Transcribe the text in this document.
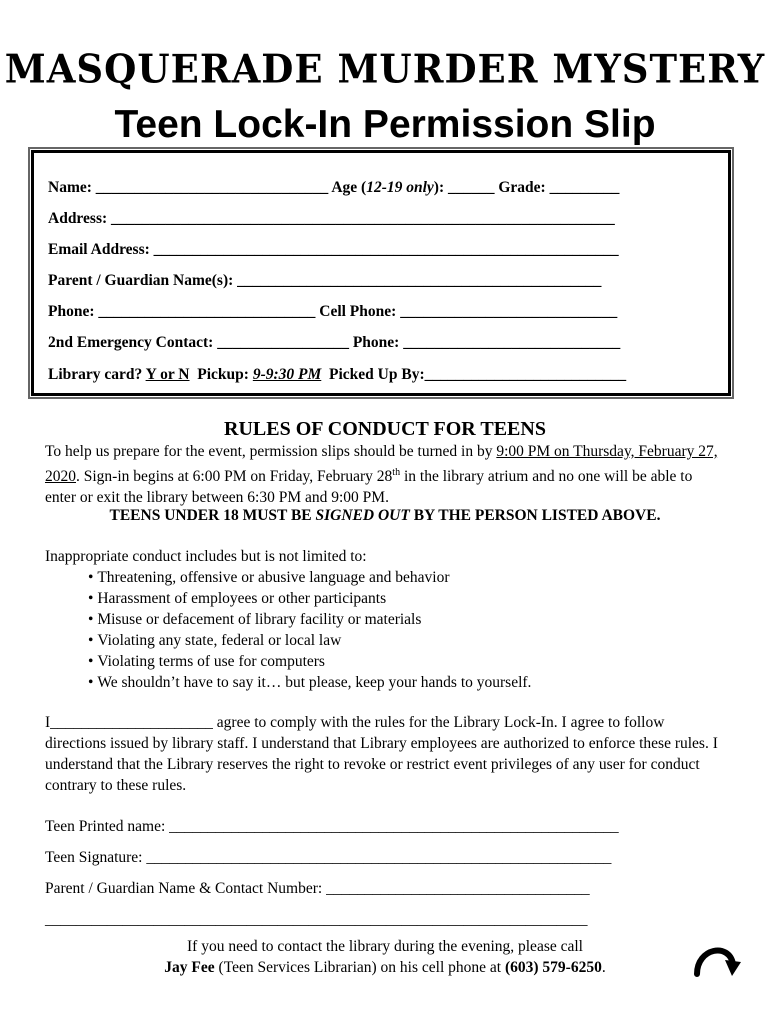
MASQUERADE MURDER MYSTERY
Teen Lock-In Permission Slip
Name: ______________________________ Age (12-19 only): ______ Grade: _________
Address: _________________________________________________________________
Email Address: ____________________________________________________________
Parent / Guardian Name(s): _______________________________________________
Phone: ____________________________ Cell Phone: ____________________________
2nd Emergency Contact: _________________ Phone: ____________________________
Library card? Y or N Pickup: 9-9:30 PM Picked Up By:__________________________
RULES OF CONDUCT FOR TEENS
To help us prepare for the event, permission slips should be turned in by 9:00 PM on Thursday, February 27, 2020. Sign-in begins at 6:00 PM on Friday, February 28th in the library atrium and no one will be able to enter or exit the library between 6:30 PM and 9:00 PM.
TEENS UNDER 18 MUST BE SIGNED OUT BY THE PERSON LISTED ABOVE.
Inappropriate conduct includes but is not limited to:
• Threatening, offensive or abusive language and behavior
• Harassment of employees or other participants
• Misuse or defacement of library facility or materials
• Violating any state, federal or local law
• Violating terms of use for computers
• We shouldn’t have to say it… but please, keep your hands to yourself.
I_____________________ agree to comply with the rules for the Library Lock-In. I agree to follow directions issued by library staff. I understand that Library employees are authorized to enforce these rules. I understand that the Library reserves the right to revoke or restrict event privileges of any user for conduct contrary to these rules.
Teen Printed name: __________________________________________________________
Teen Signature: ____________________________________________________________
Parent / Guardian Name & Contact Number: __________________________________
______________________________________________________________________
If you need to contact the library during the evening, please call
Jay Fee (Teen Services Librarian) on his cell phone at (603) 579-6250.
